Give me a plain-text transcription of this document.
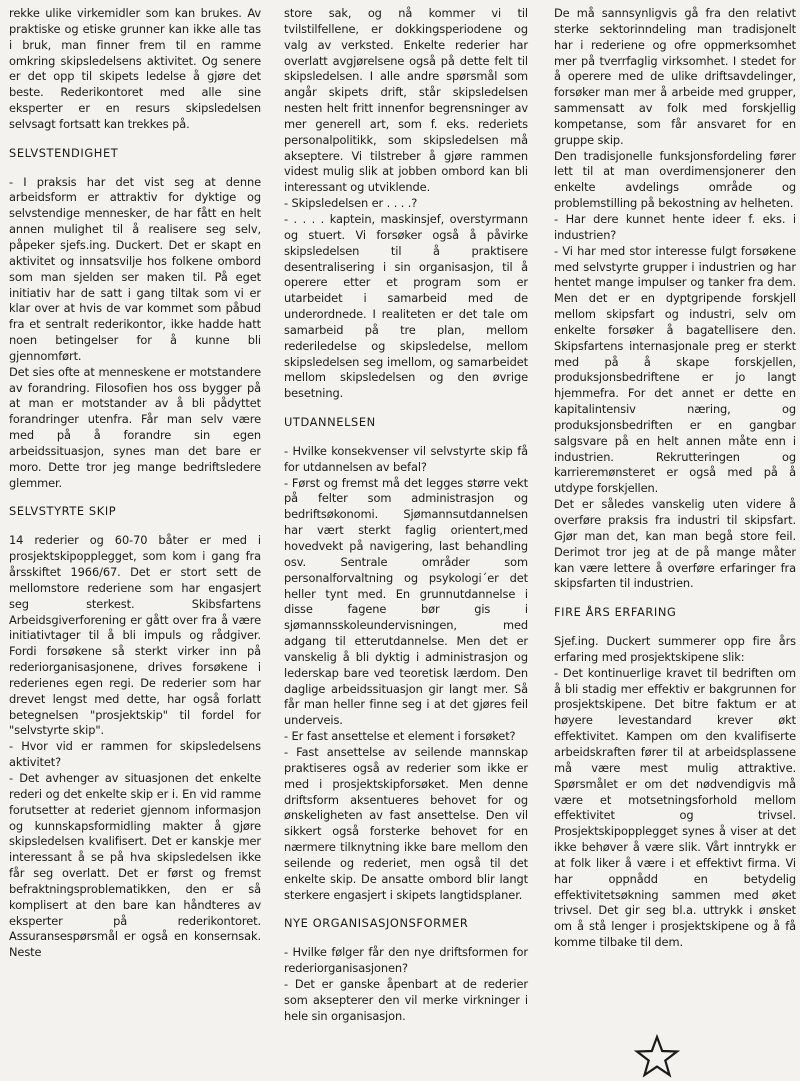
rekke ulike virkemidler som kan brukes. Av praktiske og etiske grunner kan ikke alle tas i bruk, man finner frem til en ramme omkring skipsledelsens aktivitet. Og senere er det opp til skipets ledelse å gjøre det beste. Rederikontoret med alle sine eksperter er en resurs skipsledelsen selvsagt fortsatt kan trekkes på.

SELVSTENDIGHET

- I praksis har det vist seg at denne arbeidsform er attraktiv for dyktige og selvstendige mennesker, de har fått en helt annen mulighet til å realisere seg selv, påpeker sjefs.ing. Duckert. Det er skapt en aktivitet og innsatsvilje hos folkene ombord som man sjelden ser maken til. På eget initiativ har de satt i gang tiltak som vi er klar over at hvis de var kommet som påbud fra et sentralt rederikontor, ikke hadde hatt noen betingelser for å kunne bli gjennomført.

Det sies ofte at menneskene er motstandere av forandring. Filosofien hos oss bygger på at man er motstander av å bli pådyttet forandringer utenfra. Får man selv være med på å forandre sin egen arbeidssituasjon, synes man det bare er moro. Dette tror jeg mange bedriftsledere glemmer.

SELVSTYRTE SKIP

14 rederier og 60-70 båter er med i prosjektskipopplegget, som kom i gang fra årsskiftet 1966/67. Det er stort sett de mellomstore rederiene som har engasjert seg sterkest. Skibsfartens Arbeidsgiverforening er gått over fra å være initiativtager til å bli impuls og rådgiver. Fordi forsøkene så sterkt virker inn på rederiorganisasjonene, drives forsøkene i rederienes egen regi. De rederier som har drevet lengst med dette, har også forlatt betegnelsen "prosjektskip" til fordel for "selvstyrte skip".

- Hvor vid er rammen for skipsledelsens aktivitet?

- Det avhenger av situasjonen det enkelte rederi og det enkelte skip er i. En vid ramme forutsetter at rederiet gjennom informasjon og kunnskapsformidling makter å gjøre skipsledelsen kvalifisert. Det er kanskje mer interessant å se på hva skipsledelsen ikke får seg overlatt. Det er først og fremst befraktningsproblematikken, den er så komplisert at den bare kan håndteres av eksperter på rederikontoret. Assuransespørsmål er også en konsernsak. Neste

store sak, og nå kommer vi til tvilstilfellene, er dokkingsperiodene og valg av verksted. Enkelte rederier har overlatt avgjørelsene også på dette felt til skipsledelsen. I alle andre spørsmål som angår skipets drift, står skipsledelsen nesten helt fritt innenfor begrensninger av mer generell art, som f. eks. rederiets personalpolitikk, som skipsledelsen må akseptere. Vi tilstreber å gjøre rammen videst mulig slik at jobben ombord kan bli interessant og utviklende.

- Skipsledelsen er . . . .?

- . . . . kaptein, maskinsjef, overstyrmann og stuert. Vi forsøker også å påvirke skipsledelsen til å praktisere desentralisering i sin organisasjon, til å operere etter et program som er utarbeidet i samarbeid med de underordnede. I realiteten er det tale om samarbeid på tre plan, mellom rederiledelse og skipsledelse, mellom skipsledelsen seg imellom, og samarbeidet mellom skipsledelsen og den øvrige besetning.

UTDANNELSEN

- Hvilke konsekvenser vil selvstyrte skip få for utdannelsen av befal?

- Først og fremst må det legges større vekt på felter som administrasjon og bedriftsøkonomi. Sjømannsutdannelsen har vært sterkt faglig orientert,med hovedvekt på navigering, last behandling osv. Sentrale områder som personalforvaltning og psykologi´er det heller tynt med. En grunnutdannelse i disse fagene bør gis i sjømannsskoleundervisningen, med adgang til etterutdannelse. Men det er vanskelig å bli dyktig i administrasjon og lederskap bare ved teoretisk lærdom. Den daglige arbeidssituasjon gir langt mer. Så får man heller finne seg i at det gjøres feil underveis.

- Er fast ansettelse et element i forsøket?

- Fast ansettelse av seilende mannskap praktiseres også av rederier som ikke er med i prosjektskipforsøket. Men denne driftsform aksentueres behovet for og ønskeligheten av fast ansettelse. Den vil sikkert også forsterke behovet for en nærmere tilknytning ikke bare mellom den seilende og rederiet, men også til det enkelte skip. De ansatte ombord blir langt sterkere engasjert i skipets langtidsplaner.

NYE ORGANISASJONSFORMER

- Hvilke følger får den nye driftsformen for rederiorganisasjonen?

- Det er ganske åpenbart at de rederier som aksepterer den vil merke virkninger i hele sin organisasjon.

De må sannsynligvis gå fra den relativt sterke sektorinndeling man tradisjonelt har i rederiene og ofre oppmerksomhet mer på tverrfaglig virksomhet. I stedet for å operere med de ulike driftsavdelinger, forsøker man mer å arbeide med grupper, sammensatt av folk med forskjellig kompetanse, som får ansvaret for en gruppe skip.

Den tradisjonelle funksjonsfordeling fører lett til at man overdimensjonerer den enkelte avdelings område og problemstilling på bekostning av helheten.

- Har dere kunnet hente ideer f. eks. i industrien?

- Vi har med stor interesse fulgt forsøkene med selvstyrte grupper i industrien og har hentet mange impulser og tanker fra dem. Men det er en dyptgripende forskjell mellom skipsfart og industri, selv om enkelte forsøker å bagatellisere den. Skipsfartens internasjonale preg er sterkt med på å skape forskjellen, produksjonsbedriftene er jo langt hjemmefra. For det annet er dette en kapitalintensiv næring, og produksjonsbedriften er en gangbar salgsvare på en helt annen måte enn i industrien. Rekrutteringen og karrieremønsteret er også med på å utdype forskjellen.

Det er således vanskelig uten videre å overføre praksis fra industri til skipsfart. Gjør man det, kan man begå store feil. Derimot tror jeg at de på mange måter kan være lettere å overføre erfaringer fra skipsfarten til industrien.

FIRE ÅRS ERFARING

Sjef.ing. Duckert summerer opp fire års erfaring med prosjektskipene slik:

- Det kontinuerlige kravet til bedriften om å bli stadig mer effektiv er bakgrunnen for prosjektskipene. Det bitre faktum er at høyere levestandard krever økt effektivitet. Kampen om den kvalifiserte arbeidskraften fører til at arbeidsplassene må være mest mulig attraktive. Spørsmålet er om det nødvendigvis må være et motsetningsforhold mellom effektivitet og trivsel. Prosjektskipopplegget synes å viser at det ikke behøver å være slik. Vårt inntrykk er at folk liker å være i et effektivt firma. Vi har oppnådd en betydelig effektivitetsøkning sammen med øket trivsel. Det gir seg bl.a. uttrykk i ønsket om å stå lenger i prosjektskipene og å få komme tilbake til dem.
